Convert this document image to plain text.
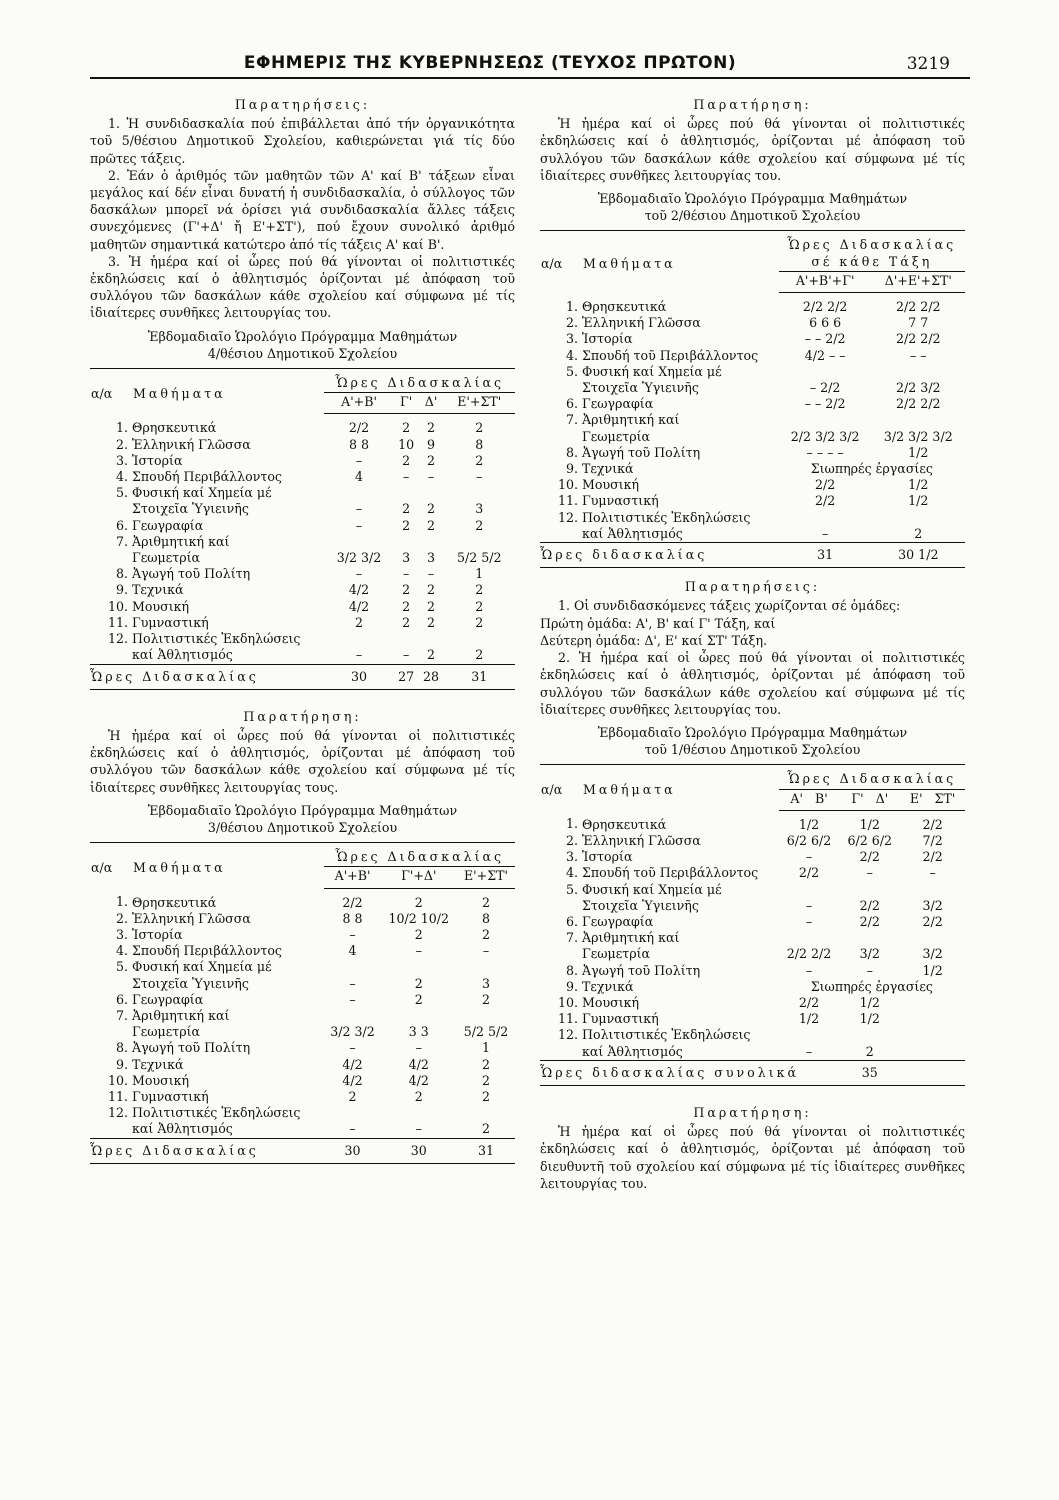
ΕΦΗΜΕΡΙΣ ΤΗΣ ΚΥΒΕΡΝΗΣΕΩΣ (ΤΕΥΧΟΣ ΠΡΩΤΟΝ)	3219
Παρατηρήσεις:

1. Ἡ συνδιδασκαλία πού ἐπιβάλλεται ἀπό τήν ὀργανικότητα τοῦ 5/θέσιου Δημοτικοῦ Σχολείου, καθιερώνεται γιά τίς δύο πρῶτες τάξεις.

2. Ἐάν ὁ ἀριθμός τῶν μαθητῶν τῶν Α' καί Β' τάξεων εἶναι μεγάλος καί δέν εἶναι δυνατή ἡ συνδιδασκαλία, ὁ σύλλογος τῶν δασκάλων μπορεῖ νά ὁρίσει γιά συνδιδασκαλία ἄλλες τάξεις συνεχόμενες (Γ'+Δ' ἤ Ε'+ΣΤ'), πού ἔχουν συνολικό ἀριθμό μαθητῶν σημαντικά κατώτερο ἀπό τίς τάξεις Α' καί Β'.

3. Ἡ ἡμέρα καί οἱ ὧρες πού θά γίνονται οἱ πολιτιστικές ἐκδηλώσεις καί ὁ ἀθλητισμός ὁρίζονται μέ ἀπόφαση τοῦ συλλόγου τῶν δασκάλων κάθε σχολείου καί σύμφωνα μέ τίς ἰδιαίτερες συνθῆκες λειτουργίας του.

Ἑβδομαδιαῖο Ὡρολόγιο Πρόγραμμα Μαθημάτων
4/θέσιου Δημοτικοῦ Σχολείου
α/α	Μαθήματα	Ὧρες Διδασκαλίας			
		Α'+Β'	Γ'	Δ'	Ε'+ΣΤ'
1.	Θρησκευτικά	2/2	2	2	2
2.	Ἑλληνική Γλῶσσα	8 8	10	9	8
3.	Ἱστορία	–	2	2	2
4.	Σπουδή Περιβάλλοντος	4	–	–	–
5.	Φυσική καί Χημεία μέ				
	Στοιχεῖα Ὑγιεινῆς	–	2	2	3
6.	Γεωγραφία	–	2	2	2
7.	Ἀριθμητική καί				
	Γεωμετρία	3/2 3/2	3	3	5/2 5/2
8.	Ἀγωγή τοῦ Πολίτη	–	–	–	1
9.	Τεχνικά	4/2	2	2	2
10.	Μουσική	4/2	2	2	2
11.	Γυμναστική	2	2	2	2
12.	Πολιτιστικές Ἐκδηλώσεις				
	καί Ἀθλητισμός	–	–	2	2
Ὧρες Διδασκαλίας		30	27	28	31
Παρατήρηση:

Ἡ ἡμέρα καί οἱ ὧρες πού θά γίνονται οἱ πολιτιστικές ἐκδηλώσεις καί ὁ ἀθλητισμός, ὁρίζονται μέ ἀπόφαση τοῦ συλλόγου τῶν δασκάλων κάθε σχολείου καί σύμφωνα μέ τίς ἰδιαίτερες συνθῆκες λειτουργίας τους.

Ἑβδομαδιαῖο Ὡρολόγιο Πρόγραμμα Μαθημάτων
3/θέσιου Δημοτικοῦ Σχολείου
α/α	Μαθήματα	Ὧρες Διδασκαλίας		
		Α'+Β'	Γ'+Δ'	Ε'+ΣΤ'
1.	Θρησκευτικά	2/2	2	2
2.	Ἑλληνική Γλῶσσα	8 8	10/2 10/2	8
3.	Ἱστορία	–	2	2
4.	Σπουδή Περιβάλλοντος	4	–	–
5.	Φυσική καί Χημεία μέ			
	Στοιχεῖα Ὑγιεινῆς	–	2	3
6.	Γεωγραφία	–	2	2
7.	Ἀριθμητική καί			
	Γεωμετρία	3/2 3/2	3 3	5/2 5/2
8.	Ἀγωγή τοῦ Πολίτη	–	–	1
9.	Τεχνικά	4/2	4/2	2
10.	Μουσική	4/2	4/2	2
11.	Γυμναστική	2	2	2
12.	Πολιτιστικές Ἐκδηλώσεις			
	καί Ἀθλητισμός	–	–	2
Ὧρες Διδασκαλίας		30	30	31
Παρατήρηση:

Ἡ ἡμέρα καί οἱ ὧρες πού θά γίνονται οἱ πολιτιστικές ἐκδηλώσεις καί ὁ ἀθλητισμός, ὁρίζονται μέ ἀπόφαση τοῦ συλλόγου τῶν δασκάλων κάθε σχολείου καί σύμφωνα μέ τίς ἰδιαίτερες συνθῆκες λειτουργίας του.

Ἑβδομαδιαῖο Ὡρολόγιο Πρόγραμμα Μαθημάτων
τοῦ 2/θέσιου Δημοτικοῦ Σχολείου
α/α	Μαθήματα	Ὧρες Διδασκαλίας
σέ κάθε Τάξη	

		Α'+Β'+Γ'	Δ'+Ε'+ΣΤ'
1.	Θρησκευτικά	2/2 2/2	2/2 2/2
2.	Ἑλληνική Γλῶσσα	6 6 6	7 7
3.	Ἱστορία	– – 2/2	2/2 2/2
4.	Σπουδή τοῦ Περιβάλλοντος	4/2 – –	– –
5.	Φυσική καί Χημεία μέ		
	Στοιχεῖα Ὑγιεινῆς	– 2/2	2/2 3/2
6.	Γεωγραφία	– – 2/2	2/2 2/2
7.	Ἀριθμητική καί		
	Γεωμετρία	2/2 3/2 3/2	3/2 3/2 3/2
8.	Ἀγωγή τοῦ Πολίτη	– – – –	1/2
9.	Τεχνικά	Σιωπηρές ἐργασίες	
10.	Μουσική	2/2	1/2
11.	Γυμναστική	2/2	1/2
12.	Πολιτιστικές Ἐκδηλώσεις		
	καί Ἀθλητισμός	–	2
Ὧρες διδασκαλίας		31	30 1/2
Παρατηρήσεις:

1. Οἱ συνδιδασκόμενες τάξεις χωρίζονται σέ ὁμάδες:

Πρώτη ὁμάδα: Α', Β' καί Γ' Τάξη, καί

Δεύτερη ὁμάδα: Δ', Ε' καί ΣΤ' Τάξη.

2. Ἡ ἡμέρα καί οἱ ὧρες πού θά γίνονται οἱ πολιτιστικές ἐκδηλώσεις καί ὁ ἀθλητισμός, ὁρίζονται μέ ἀπόφαση τοῦ συλλόγου τῶν δασκάλων κάθε σχολείου καί σύμφωνα μέ τίς ἰδιαίτερες συνθῆκες λειτουργίας του.

Ἑβδομαδιαῖο Ὡρολόγιο Πρόγραμμα Μαθημάτων
τοῦ 1/θέσιου Δημοτικοῦ Σχολείου
α/α	Μαθήματα	Ὧρες Διδασκαλίας		
		Α' Β'	Γ' Δ'	Ε' ΣΤ'
1.	Θρησκευτικά	1/2	1/2	2/2
2.	Ἑλληνική Γλῶσσα	6/2 6/2	6/2 6/2	7/2
3.	Ἱστορία	–	2/2	2/2
4.	Σπουδή τοῦ Περιβάλλοντος	2/2	–	–
5.	Φυσική καί Χημεία μέ			
	Στοιχεῖα Ὑγιεινῆς	–	2/2	3/2
6.	Γεωγραφία	–	2/2	2/2
7.	Ἀριθμητική καί			
	Γεωμετρία	2/2 2/2	3/2	3/2
8.	Ἀγωγή τοῦ Πολίτη	–	–	1/2
9.	Τεχνικά	Σιωπηρές ἐργασίες		
10.	Μουσική	2/2	1/2	
11.	Γυμναστική	1/2	1/2	
12.	Πολιτιστικές Ἐκδηλώσεις			
	καί Ἀθλητισμός	–	2	
Ὧρες διδασκαλίας συνολικά			35	
Παρατήρηση:

Ἡ ἡμέρα καί οἱ ὧρες πού θά γίνονται οἱ πολιτιστικές ἐκδηλώσεις καί ὁ ἀθλητισμός, ὁρίζονται μέ ἀπόφαση τοῦ διευθυντῆ τοῦ σχολείου καί σύμφωνα μέ τίς ἰδιαίτερες συνθῆκες λειτουργίας του.
